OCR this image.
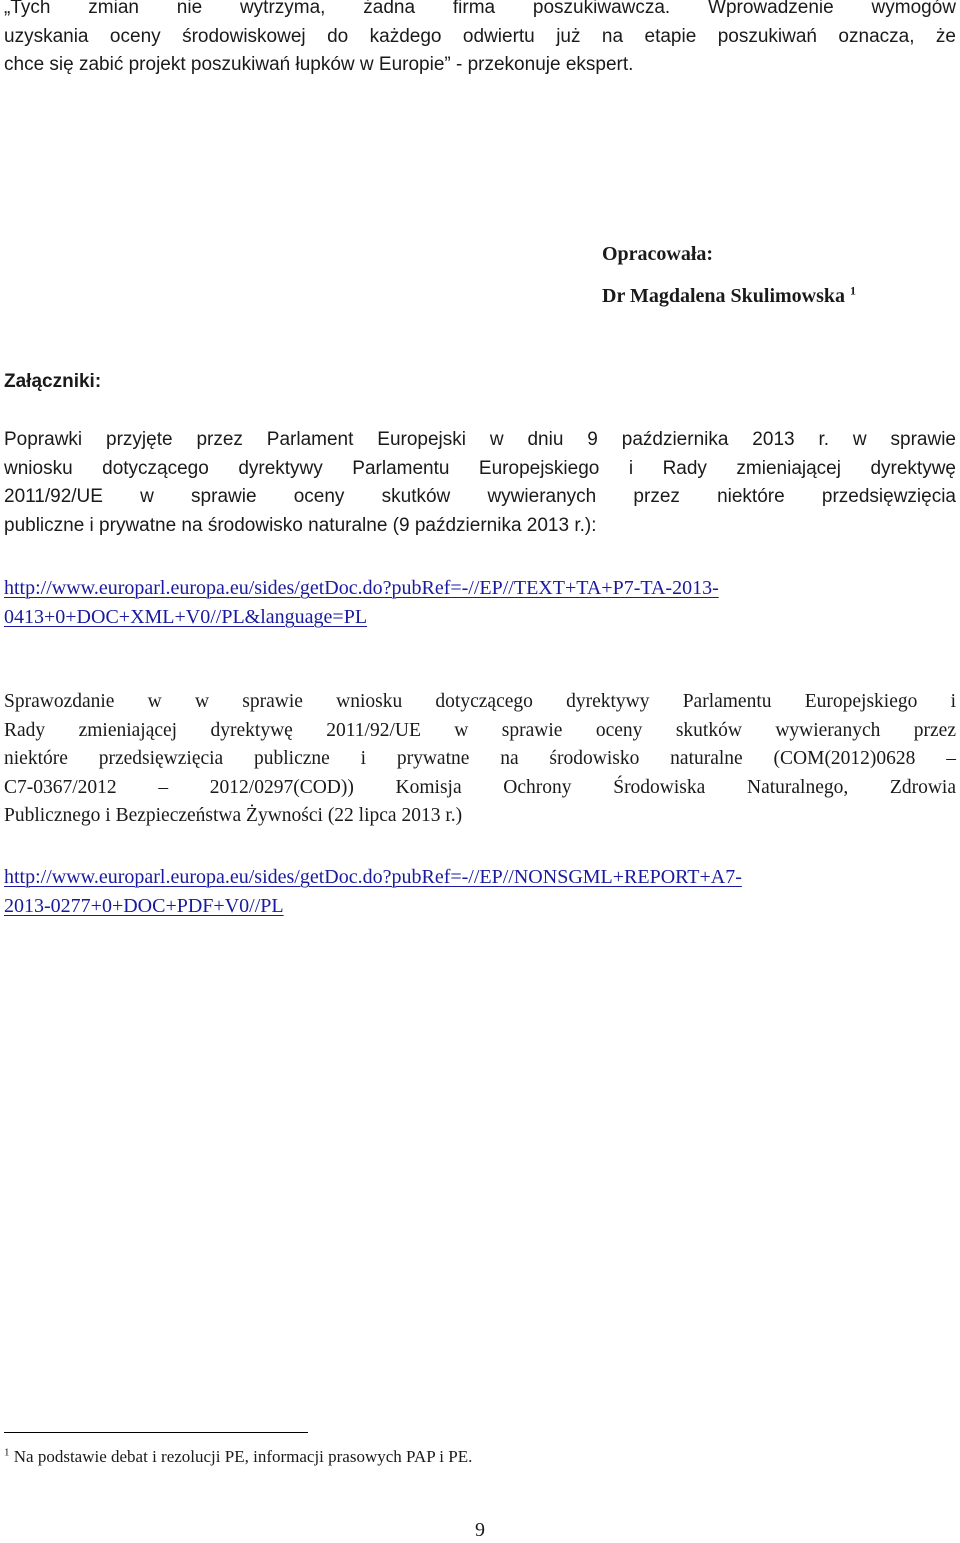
„Tych zmian nie wytrzyma, żadna firma poszukiwawcza. Wprowadzenie wymogów
uzyskania oceny środowiskowej do każdego odwiertu już na etapie poszukiwań oznacza, że
chce się zabić projekt poszukiwań łupków w Europie” - przekonuje ekspert.
Opracowała:
Dr Magdalena Skulimowska $^1$
Załączniki:
Poprawki przyjęte przez Parlament Europejski w dniu 9 października 2013 r. w sprawie
wniosku dotyczącego dyrektywy Parlamentu Europejskiego i Rady zmieniającej dyrektywę
2011/92/UE w sprawie oceny skutków wywieranych przez niektóre przedsięwzięcia
publiczne i prywatne na środowisko naturalne (9 października 2013 r.):
http://www.europarl.europa.eu/sides/getDoc.do?pubRef=-//EP//TEXT+TA+P7-TA-2013-
0413+0+DOC+XML+V0//PL&language=PL
Sprawozdanie w w sprawie wniosku dotyczącego dyrektywy Parlamentu Europejskiego i
Rady zmieniającej dyrektywę 2011/92/UE w sprawie oceny skutków wywieranych przez
niektóre przedsięwzięcia publiczne i prywatne na środowisko naturalne (COM(2012)0628 –
C7-0367/2012 – 2012/0297(COD)) Komisja Ochrony Środowiska Naturalnego, Zdrowia
Publicznego i Bezpieczeństwa Żywności (22 lipca 2013 r.)
http://www.europarl.europa.eu/sides/getDoc.do?pubRef=-//EP//NONSGML+REPORT+A7-
2013-0277+0+DOC+PDF+V0//PL
$^1$ Na podstawie debat i rezolucji PE, informacji prasowych PAP i PE.
9
